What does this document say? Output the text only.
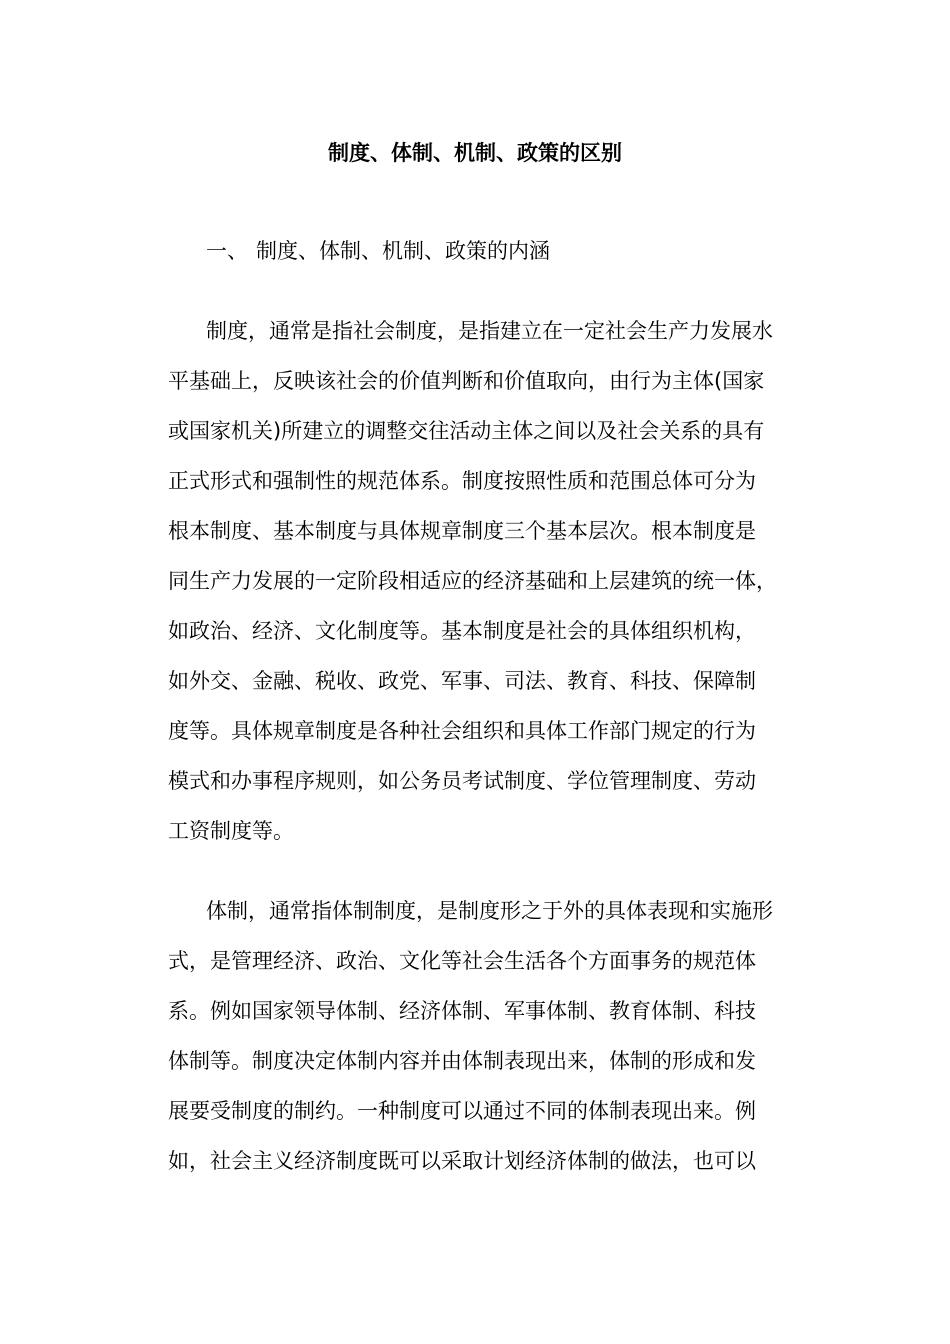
制度、体制、机制、政策的区别
一、 制度、体制、机制、政策的内涵
制度，通常是指社会制度，是指建立在一定社会生产力发展水
平基础上，反映该社会的价值判断和价值取向，由行为主体(国家
或国家机关)所建立的调整交往活动主体之间以及社会关系的具有
正式形式和强制性的规范体系。制度按照性质和范围总体可分为
根本制度、基本制度与具体规章制度三个基本层次。根本制度是
同生产力发展的一定阶段相适应的经济基础和上层建筑的统一体，
如政治、经济、文化制度等。基本制度是社会的具体组织机构，
如外交、金融、税收、政党、军事、司法、教育、科技、保障制
度等。具体规章制度是各种社会组织和具体工作部门规定的行为
模式和办事程序规则，如公务员考试制度、学位管理制度、劳动
工资制度等。
体制，通常指体制制度，是制度形之于外的具体表现和实施形
式，是管理经济、政治、文化等社会生活各个方面事务的规范体
系。例如国家领导体制、经济体制、军事体制、教育体制、科技
体制等。制度决定体制内容并由体制表现出来，体制的形成和发
展要受制度的制约。一种制度可以通过不同的体制表现出来。例
如，社会主义经济制度既可以采取计划经济体制的做法，也可以
